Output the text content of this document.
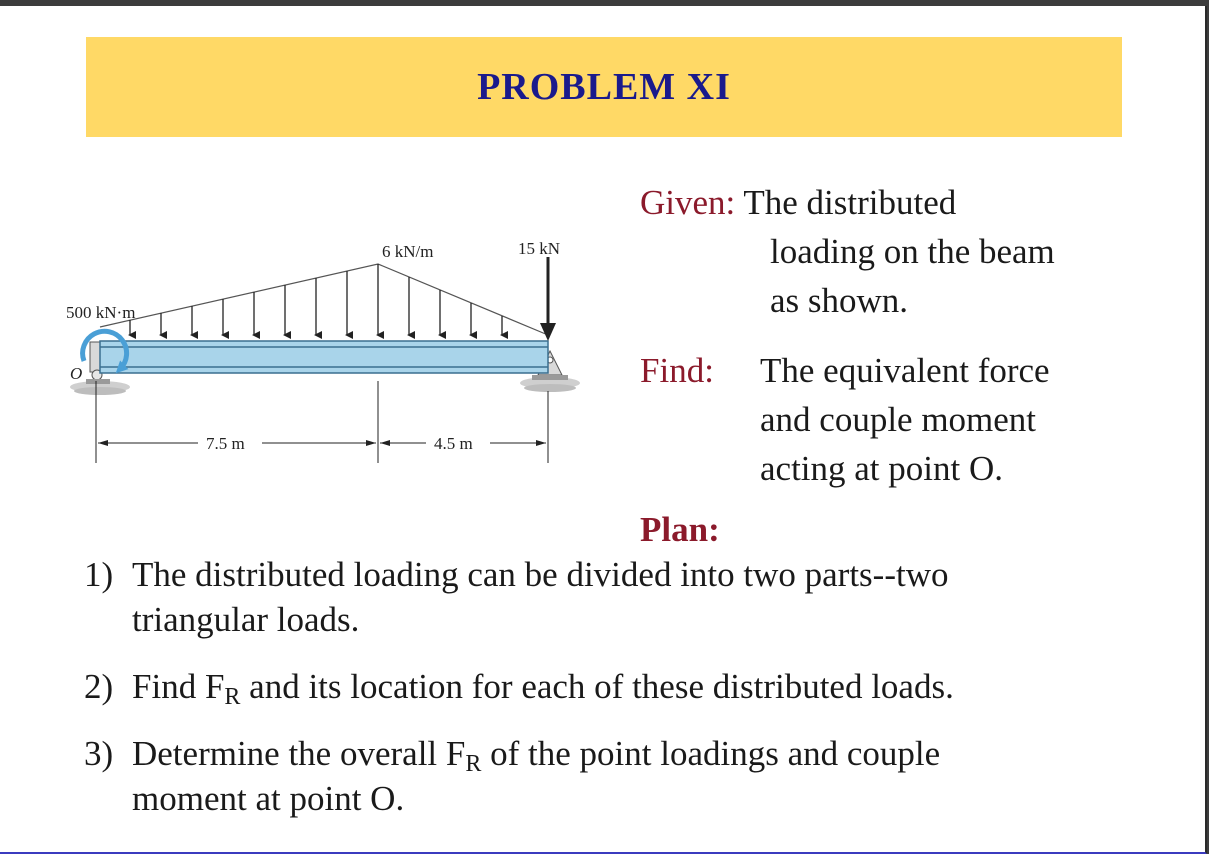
PROBLEM XI
500 kN·m
6 kN/m	15 kN
O
7.5 m	4.5 m
Given: The distributed
loading on the beam
as shown.
Find: The equivalent force
and couple moment
acting at point O.
Plan:
1) The distributed loading can be divided into two parts--two
triangular loads.
2) Find $F_R$ and its location for each of these distributed loads.
3) Determine the overall $F_R$ of the point loadings and couple
moment at point O.
